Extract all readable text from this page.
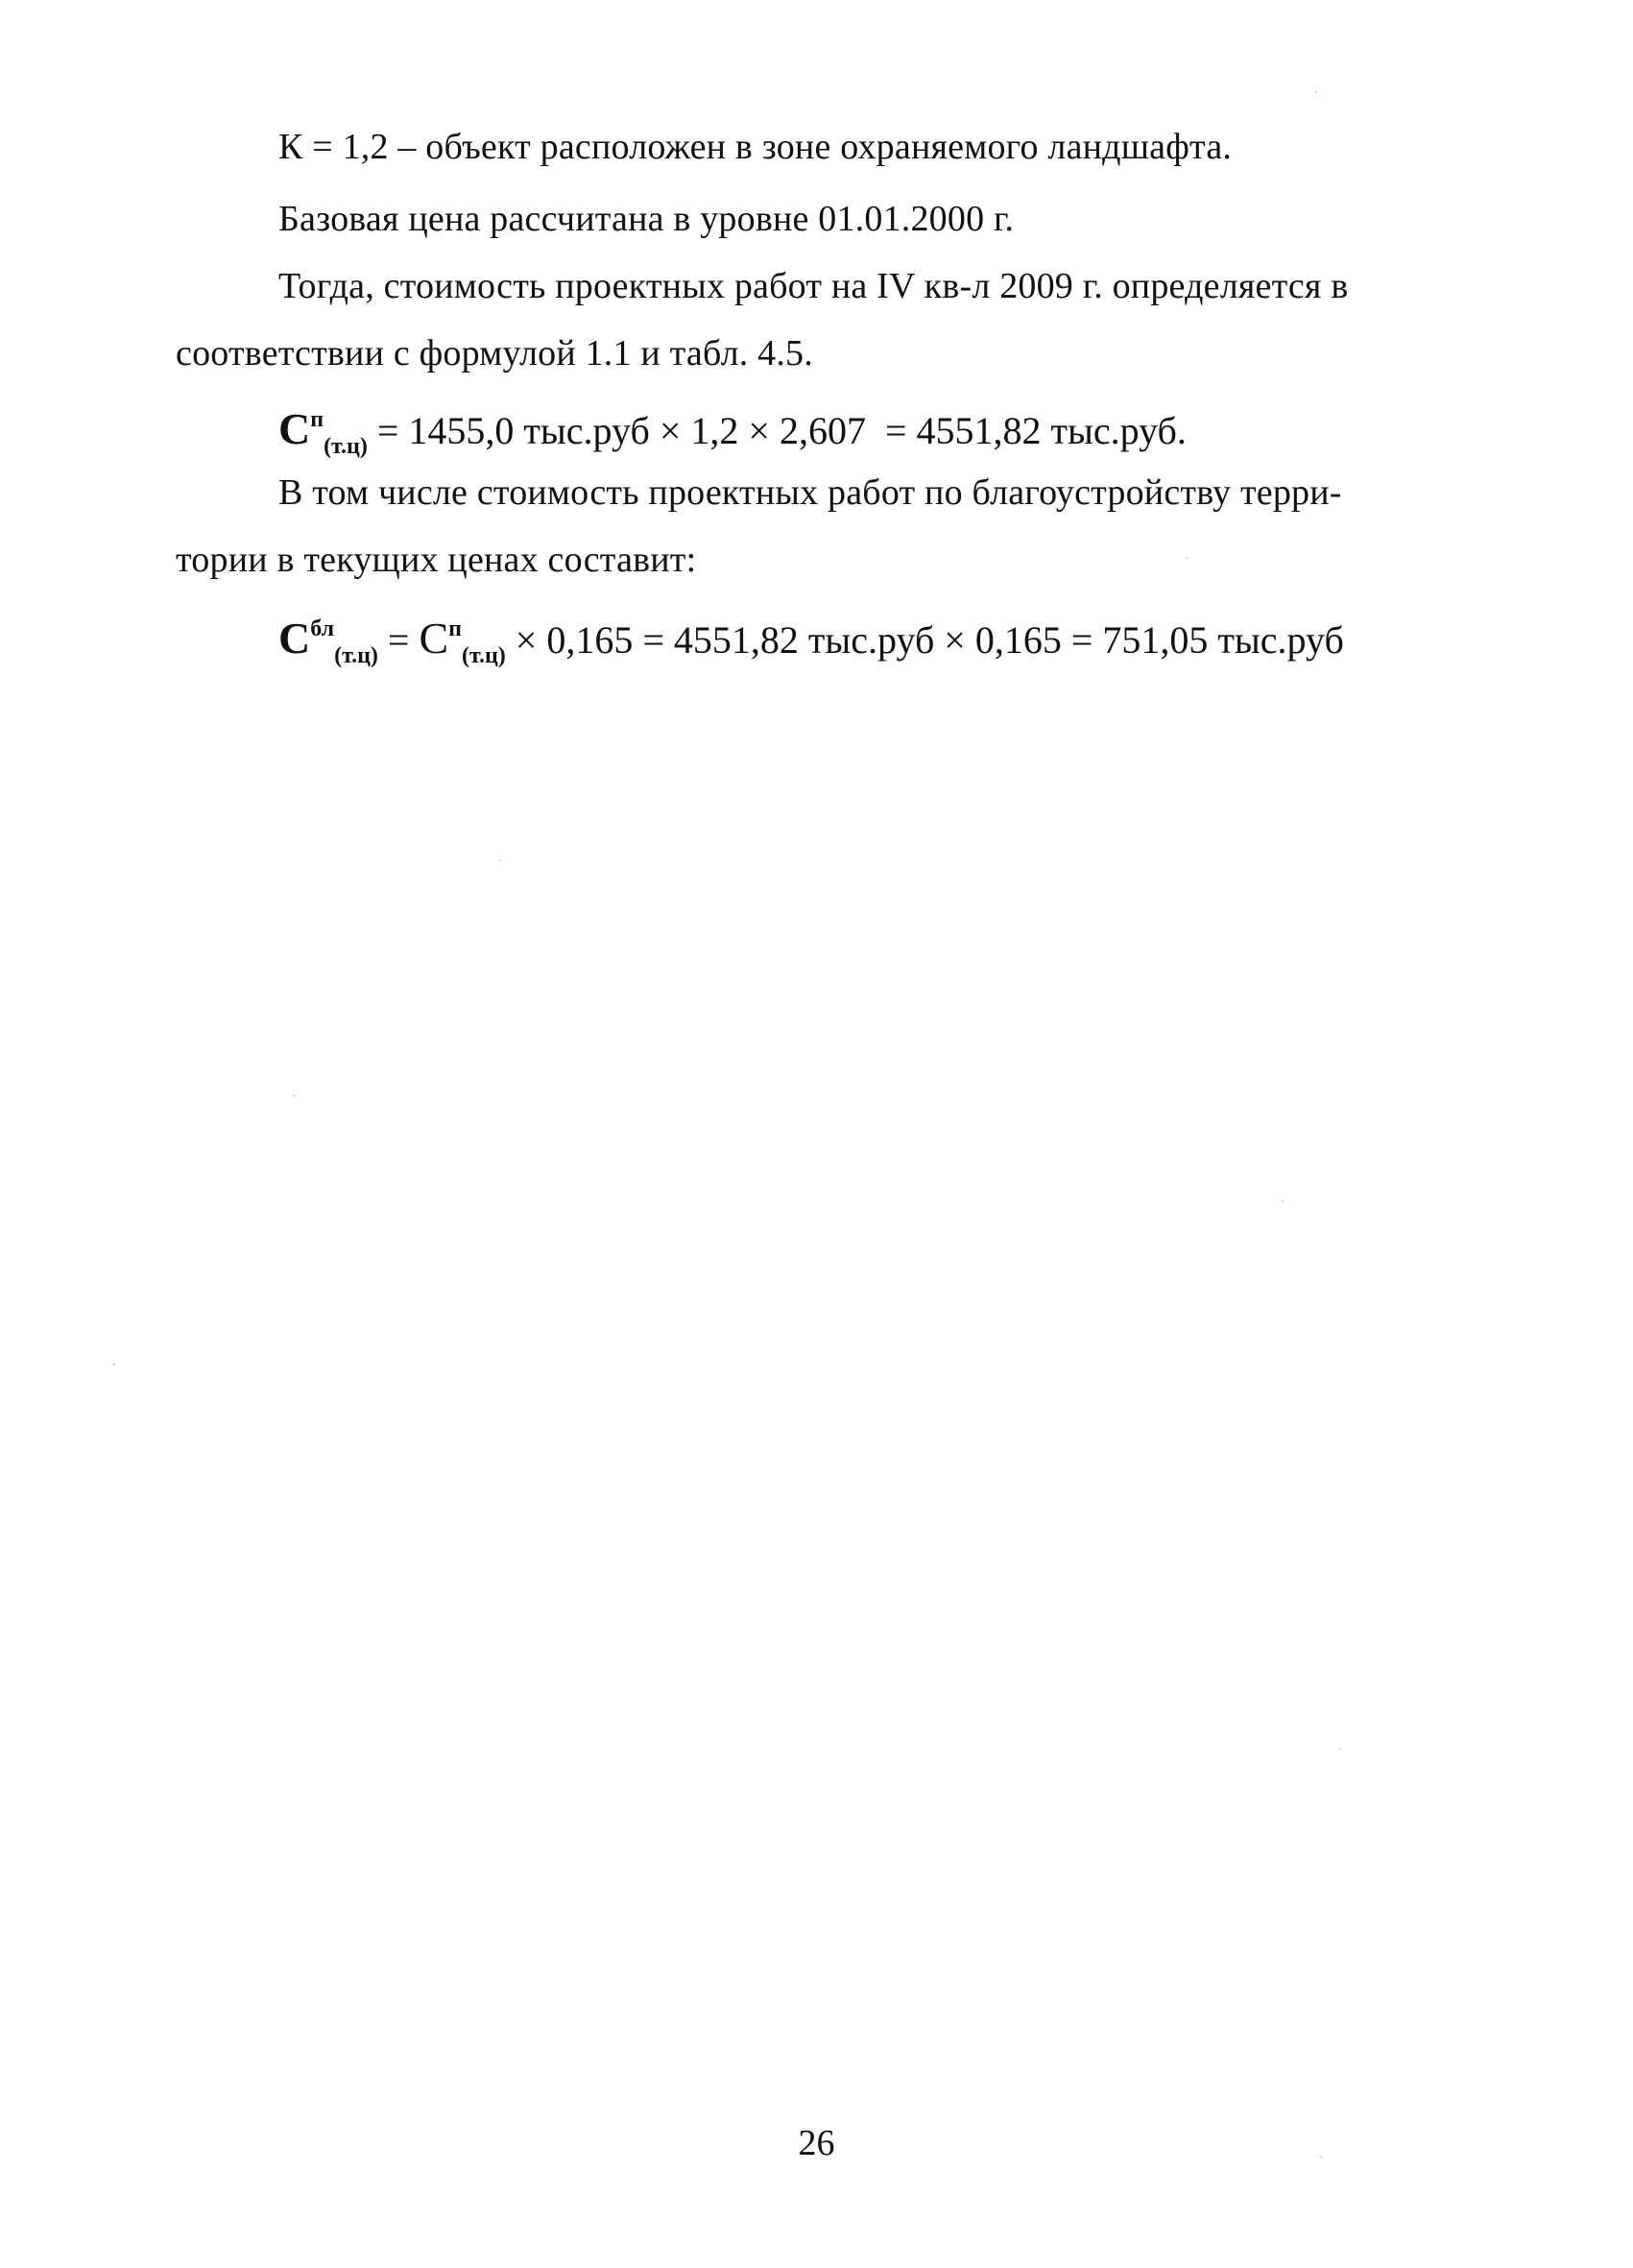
К = 1,2 – объект расположен в зоне охраняемого ландшафта.
Базовая цена рассчитана в уровне 01.01.2000 г.
Тогда, стоимость проектных работ на IV кв-л 2009 г. определяется в
соответствии с формулой 1.1 и табл. 4.5.
$С^п_{(т.ц)} = 1455,0$ тыс.руб × 1,2 × 2,607  = 4551,82 тыс.руб.
В том числе стоимость проектных работ по благоустройству терри-
тории в текущих ценах составит:
$С^{бл}_{(т.ц)} = С^п_{(т.ц)} \times 0,165 = 4551,82$ тыс.руб × 0,165 = 751,05 тыс.руб
26
